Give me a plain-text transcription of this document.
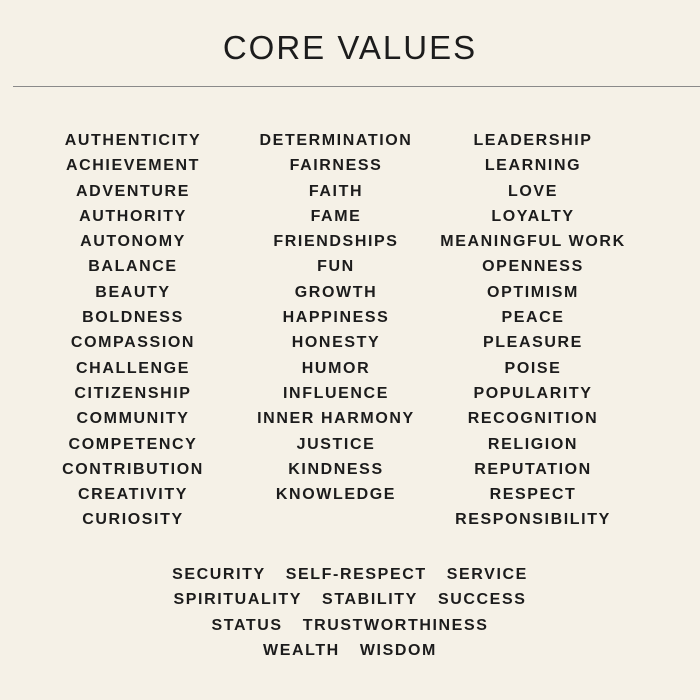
CORE VALUES
AUTHENTICITY
ACHIEVEMENT
ADVENTURE
AUTHORITY
AUTONOMY
BALANCE
BEAUTY
BOLDNESS
COMPASSION
CHALLENGE
CITIZENSHIP
COMMUNITY
COMPETENCY
CONTRIBUTION
CREATIVITY
CURIOSITY
DETERMINATION
FAIRNESS
FAITH
FAME
FRIENDSHIPS
FUN
GROWTH
HAPPINESS
HONESTY
HUMOR
INFLUENCE
INNER HARMONY
JUSTICE
KINDNESS
KNOWLEDGE
LEADERSHIP
LEARNING
LOVE
LOYALTY
MEANINGFUL WORK
OPENNESS
OPTIMISM
PEACE
PLEASURE
POISE
POPULARITY
RECOGNITION
RELIGION
REPUTATION
RESPECT
RESPONSIBILITY
SECURITY SELF-RESPECT SERVICE
SPIRITUALITY STABILITY SUCCESS
STATUS TRUSTWORTHINESS
WEALTH WISDOM
